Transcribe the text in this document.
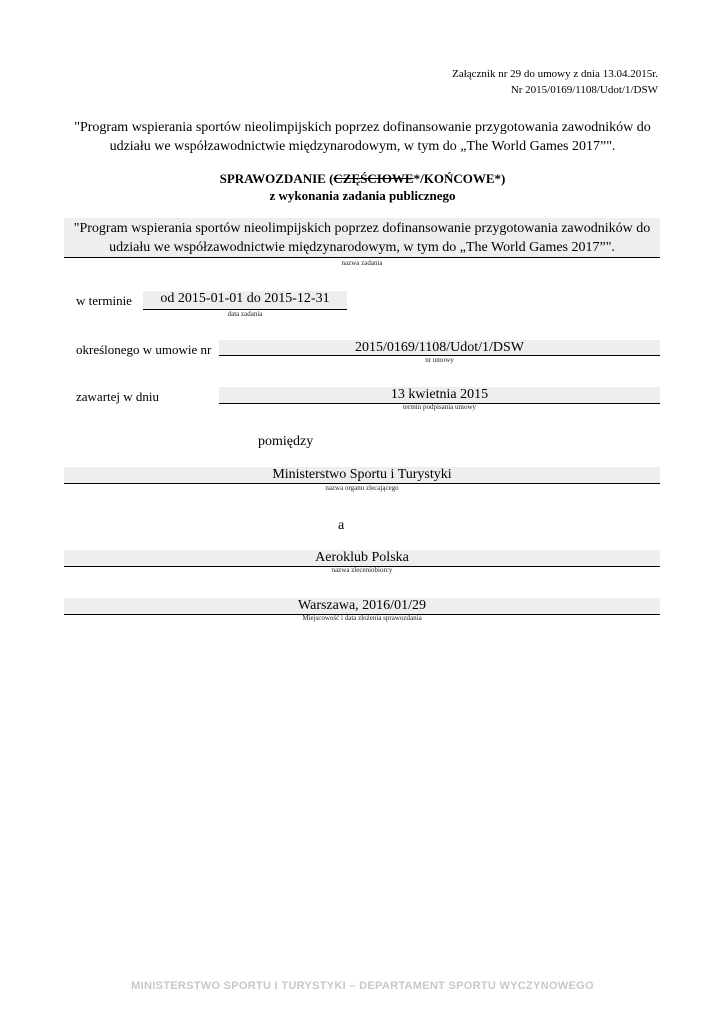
Załącznik nr 29 do umowy z dnia 13.04.2015r.
Nr 2015/0169/1108/Udot/1/DSW
"Program wspierania sportów nieolimpijskich poprzez dofinansowanie przygotowania zawodników do udziału we współzawodnictwie międzynarodowym, w tym do „The World Games 2017”".
SPRAWOZDANIE (CZĘŚCIOWE*/KOŃCOWE*)
z wykonania zadania publicznego
"Program wspierania sportów nieolimpijskich poprzez dofinansowanie przygotowania zawodników do udziału we współzawodnictwie międzynarodowym, w tym do „The World Games 2017”".
nazwa zadania
w terminie	od 2015-01-01 do 2015-12-31
data zadania
określonego w umowie nr	2015/0169/1108/Udot/1/DSW
nr umowy
zawartej w dniu	13 kwietnia 2015
termin podpisania umowy
pomiędzy
Ministerstwo Sportu i Turystyki
nazwa organu zlecającego
a
Aeroklub Polska
nazwa zleceniobiorcy
Warszawa, 2016/01/29
Miejscowość i data złożenia sprawozdania
MINISTERSTWO SPORTU I TURYSTYKI – DEPARTAMENT SPORTU WYCZYNOWEGO
